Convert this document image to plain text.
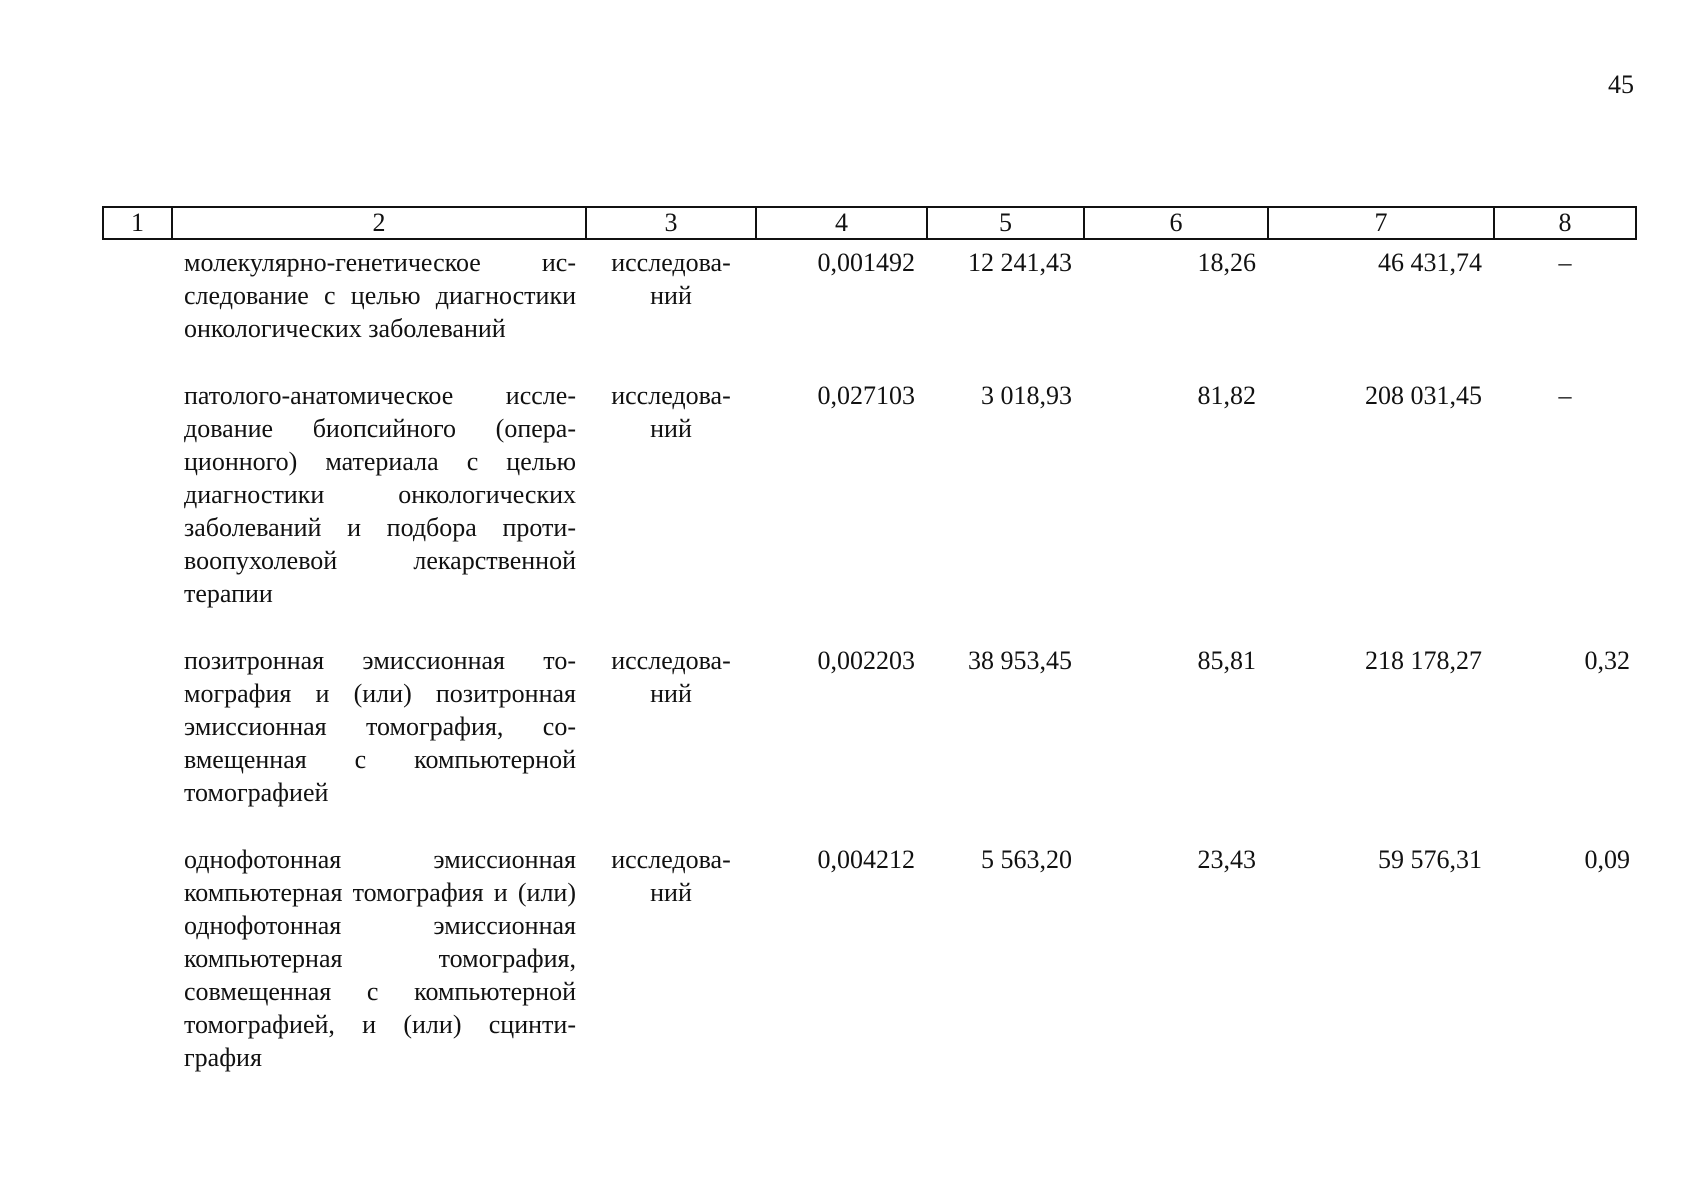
45
1	2	3	4	5	6	7	8
	молекулярно-генетическое исследование с целью диагностики онкологических заболеваний	исследований	0,001492	12 241,43	18,26	46 431,74	–
	патолого-анатомическое исследование биопсийного (операционного) материала с целью диагностики онкологических заболеваний и подбора противоопухолевой лекарственной терапии	исследований	0,027103	3 018,93	81,82	208 031,45	–
	позитронная эмиссионная томография и (или) позитронная эмиссионная томография, совмещенная с компьютерной томографией	исследований	0,002203	38 953,45	85,81	218 178,27	0,32
	однофотонная эмиссионная компьютерная томография и (или) однофотонная эмиссионная компьютерная томография, совмещенная с компьютерной томографией, и (или) сцинтиграфия	исследований	0,004212	5 563,20	23,43	59 576,31	0,09
